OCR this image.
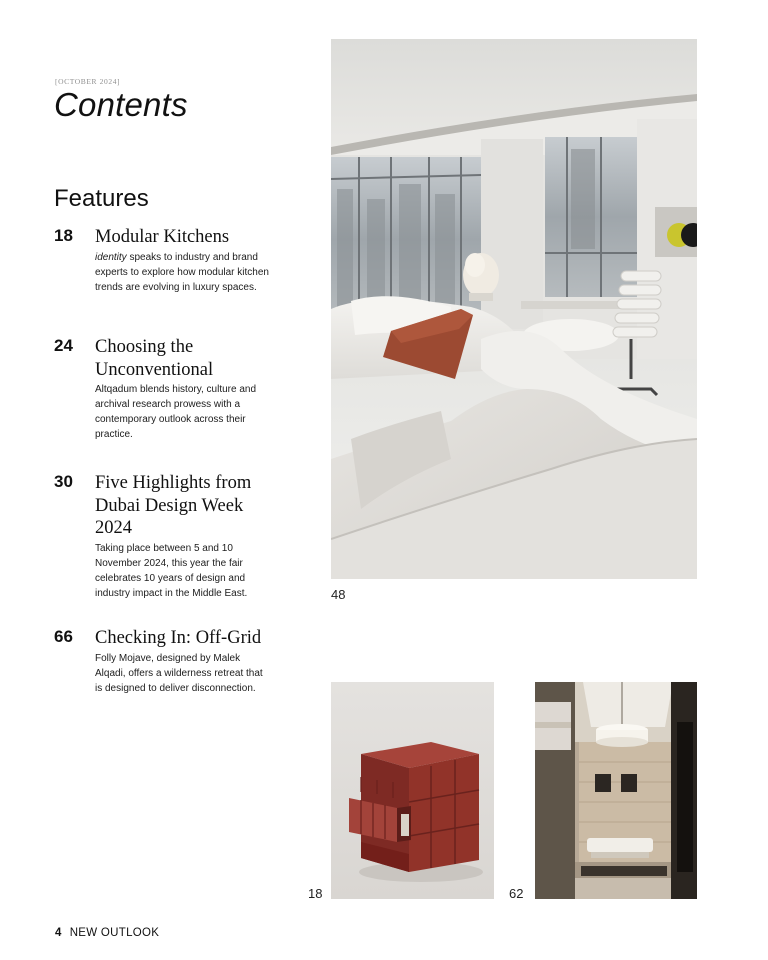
[OCTOBER 2024]
Contents
Features
18 Modular Kitchens
identity speaks to industry and brand experts to explore how modular kitchen trends are evolving in luxury spaces.
24 Choosing the Unconventional
Altqadum blends history, culture and archival research prowess with a contemporary outlook across their practice.
30 Five Highlights from Dubai Design Week 2024
Taking place between 5 and 10 November 2024, this year the fair celebrates 10 years of design and industry impact in the Middle East.
66 Checking In: Off-Grid
Folly Mojave, designed by Malek Alqadi, offers a wilderness retreat that is designed to deliver disconnection.
48
18	62
4 NEW OUTLOOK
